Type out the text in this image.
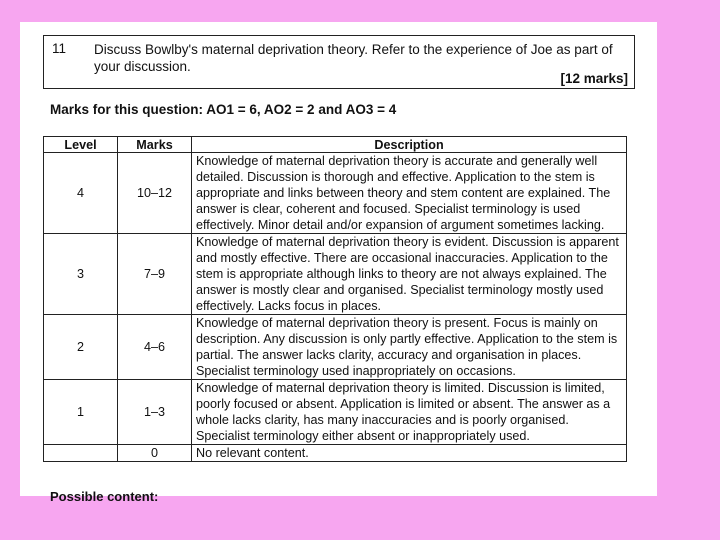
11 Discuss Bowlby's maternal deprivation theory. Refer to the experience of Joe as part of your discussion.
[12 marks]
Marks for this question: AO1 = 6, AO2 = 2 and AO3 = 4
Level	Marks	Description
4	10–12	Knowledge of maternal deprivation theory is accurate and generally well detailed. Discussion is thorough and effective. Application to the stem is appropriate and links between theory and stem content are explained. The answer is clear, coherent and focused. Specialist terminology is used effectively. Minor detail and/or expansion of argument sometimes lacking.
3	7–9	Knowledge of maternal deprivation theory is evident. Discussion is apparent and mostly effective. There are occasional inaccuracies. Application to the stem is appropriate although links to theory are not always explained. The answer is mostly clear and organised. Specialist terminology mostly used effectively. Lacks focus in places.
2	4–6	Knowledge of maternal deprivation theory is present. Focus is mainly on description. Any discussion is only partly effective. Application to the stem is partial. The answer lacks clarity, accuracy and organisation in places. Specialist terminology used inappropriately on occasions.
1	1–3	Knowledge of maternal deprivation theory is limited. Discussion is limited, poorly focused or absent. Application is limited or absent. The answer as a whole lacks clarity, has many inaccuracies and is poorly organised. Specialist terminology either absent or inappropriately used.
	0	No relevant content.
Possible content:
